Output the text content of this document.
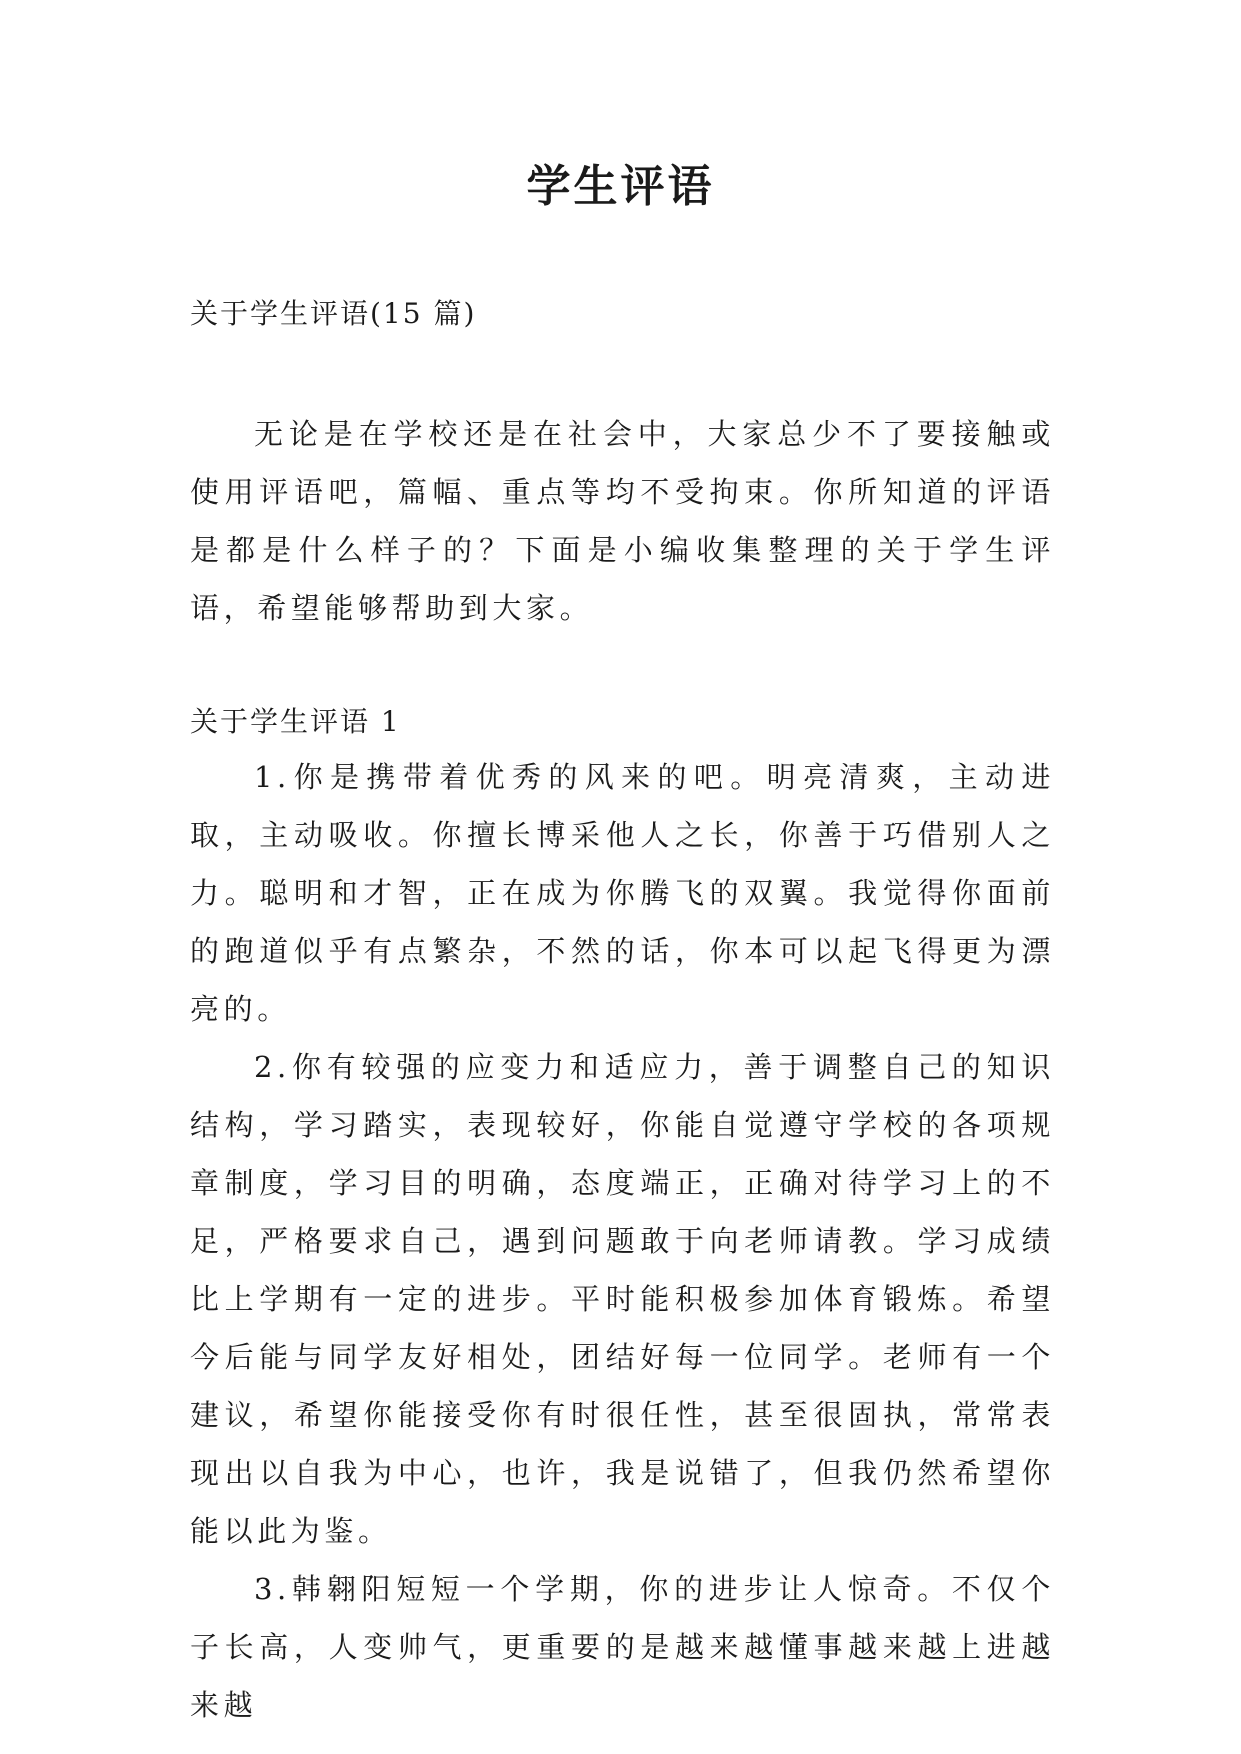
学生评语
关于学生评语(15 篇)
无论是在学校还是在社会中，大家总少不了要接触或使用评语吧，篇幅、重点等均不受拘束。你所知道的评语是都是什么样子的？下面是小编收集整理的关于学生评语，希望能够帮助到大家。
关于学生评语 1

1.你是携带着优秀的风来的吧。明亮清爽，主动进取，主动吸收。你擅长博采他人之长，你善于巧借别人之力。聪明和才智，正在成为你腾飞的双翼。我觉得你面前的跑道似乎有点繁杂，不然的话，你本可以起飞得更为漂亮的。

2.你有较强的应变力和适应力，善于调整自己的知识结构，学习踏实，表现较好，你能自觉遵守学校的各项规章制度，学习目的明确，态度端正，正确对待学习上的不足，严格要求自己，遇到问题敢于向老师请教。学习成绩比上学期有一定的进步。平时能积极参加体育锻炼。希望今后能与同学友好相处，团结好每一位同学。老师有一个建议，希望你能接受你有时很任性，甚至很固执，常常表现出以自我为中心，也许，我是说错了，但我仍然希望你能以此为鉴。

3.韩翱阳短短一个学期，你的进步让人惊奇。不仅个子长高，人变帅气，更重要的是越来越懂事越来越上进越来越
